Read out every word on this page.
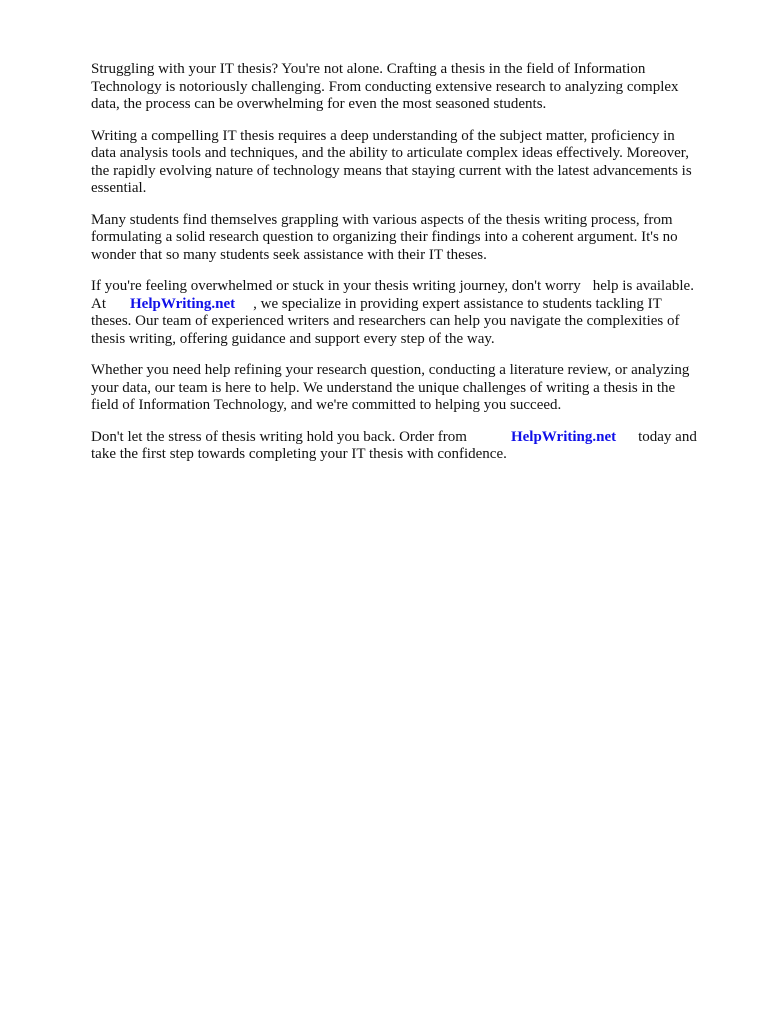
Struggling with your IT thesis? You're not alone. Crafting a thesis in the field of Information
Technology is notoriously challenging. From conducting extensive research to analyzing complex
data, the process can be overwhelming for even the most seasoned students.

Writing a compelling IT thesis requires a deep understanding of the subject matter, proficiency in
data analysis tools and techniques, and the ability to articulate complex ideas effectively. Moreover,
the rapidly evolving nature of technology means that staying current with the latest advancements is
essential.

Many students find themselves grappling with various aspects of the thesis writing process, from
formulating a solid research question to organizing their findings into a coherent argument. It's no
wonder that so many students seek assistance with their IT theses.

If you're feeling overwhelmed or stuck in your thesis writing journey, don't worry help is available.
At HelpWriting.net , we specialize in providing expert assistance to students tackling IT
theses. Our team of experienced writers and researchers can help you navigate the complexities of
thesis writing, offering guidance and support every step of the way.

Whether you need help refining your research question, conducting a literature review, or analyzing
your data, our team is here to help. We understand the unique challenges of writing a thesis in the
field of Information Technology, and we're committed to helping you succeed.

Don't let the stress of thesis writing hold you back. Order from	HelpWriting.net today and
take the first step towards completing your IT thesis with confidence.
